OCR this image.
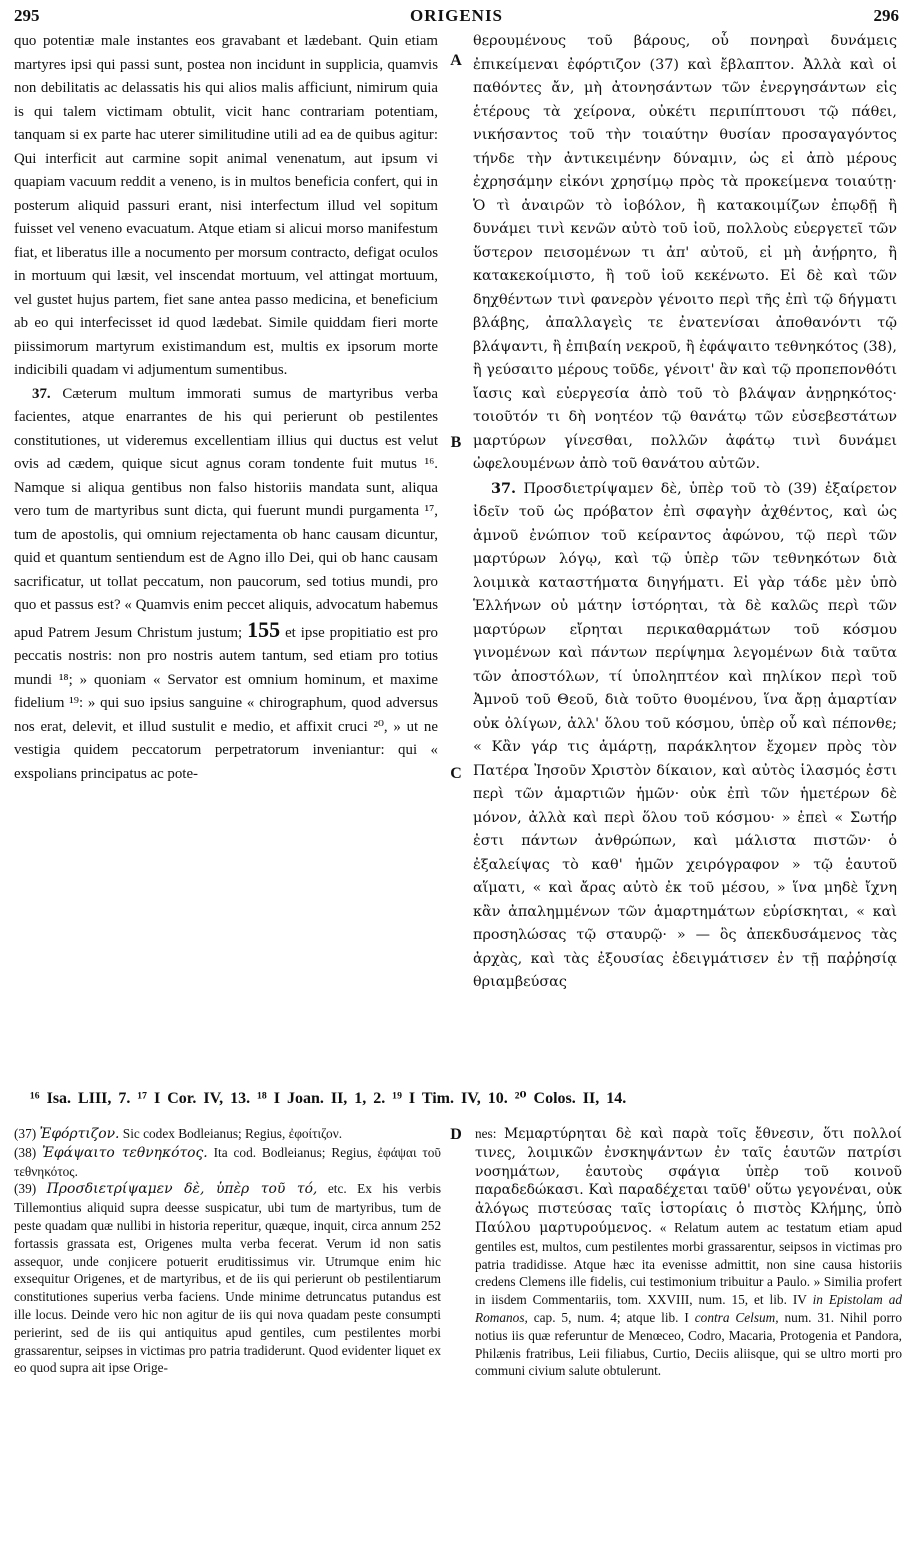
295	ORIGENIS	296

quo potentiæ male instantes eos gravabant et lædebant. Quin etiam martyres ipsi qui passi sunt, postea non incidunt in supplicia, quamvis non debilitatis ac delassatis his qui alios malis afficiunt, nimirum quia is qui talem victimam obtulit, vicit hanc contrariam potentiam, tanquam si ex parte hac uterer similitudine utili ad ea de quibus agitur: Qui interficit aut carmine sopit animal venenatum, aut ipsum vi quapiam vacuum reddit a veneno, is in multos beneficia confert, qui in posterum aliquid passuri erant, nisi interfectum illud vel sopitum fuisset vel veneno evacuatum. Atque etiam si alicui morso manifestum fiat, et liberatus ille a nocumento per morsum contracto, defigat oculos in mortuum qui læsit, vel inscendat mortuum, vel attingat mortuum, vel gustet hujus partem, fiet sane antea passo medicina, et beneficium ab eo qui interfecisset id quod lædebat. Simile quiddam fieri morte piissimorum martyrum existimandum est, multis ex ipsorum morte indicibili quadam vi adjumentum sumentibus.

37. Cæterum multum immorati sumus de martyribus verba facientes, atque enarrantes de his qui perierunt ob pestilentes constitutiones, ut videremus excellentiam illius qui ductus est velut ovis ad cædem, quique sicut agnus coram tondente fuit mutus ¹⁶. Namque si aliqua gentibus non falso historiis mandata sunt, aliqua vero tum de martyribus sunt dicta, qui fuerunt mundi purgamenta ¹⁷, tum de apostolis, qui omnium rejectamenta ob hanc causam dicuntur, quid et quantum sentiendum est de Agno illo Dei, qui ob hanc causam sacrificatur, ut tollat peccatum, non paucorum, sed totius mundi, pro quo et passus est? « Quamvis enim peccet aliquis, advocatum habemus apud Patrem Jesum Christum justum; 155 et ipse propitiatio est pro peccatis nostris: non pro nostris autem tantum, sed etiam pro totius mundi ¹⁸; » quoniam « Servator est omnium hominum, et maxime fidelium ¹⁹: » qui suo ipsius sanguine « chirographum, quod adversus nos erat, delevit, et illud sustulit e medio, et affixit cruci ²⁰, » ut ne vestigia quidem peccatorum perpetratorum inveniantur: qui « exspolians principatus ac pote-

A
B
C
D

θερουμένους τοῦ βάρους, οὗ πονηραὶ δυνάμεις ἐπικείμεναι ἐφόρτιζον (37) καὶ ἔβλαπτον. Ἀλλὰ καὶ οἱ παθόντες ἄν, μὴ ἀτονησάντων τῶν ἐνεργησάντων εἰς ἑτέρους τὰ χείρονα, οὐκέτι περιπίπτουσι τῷ πάθει, νικήσαντος τοῦ τὴν τοιαύτην θυσίαν προσαγαγόντος τήνδε τὴν ἀντικειμένην δύναμιν, ὡς εἰ ἀπὸ μέρους ἐχρησάμην εἰκόνι χρησίμῳ πρὸς τὰ προκείμενα τοιαύτῃ· Ὁ τὶ ἀναιρῶν τὸ ἰοβόλον, ἢ κατακοιμίζων ἐπῳδῇ ἢ δυνάμει τινὶ κενῶν αὐτὸ τοῦ ἰοῦ, πολλοὺς εὐεργετεῖ τῶν ὕστερον πεισομένων τι ἀπ' αὐτοῦ, εἰ μὴ ἀνῄρητο, ἢ κατακεκοίμιστο, ἢ τοῦ ἰοῦ κεκένωτο. Εἰ δὲ καὶ τῶν δηχθέντων τινὶ φανερὸν γένοιτο περὶ τῆς ἐπὶ τῷ δήγματι βλάβης, ἀπαλλαγεὶς τε ἐνατενίσαι ἀποθανόντι τῷ βλάψαντι, ἢ ἐπιβαίη νεκροῦ, ἢ ἐφάψαιτο τεθνηκότος (38), ἢ γεύσαιτο μέρους τοῦδε, γένοιτ' ἂν καὶ τῷ προπεπονθότι ἴασις καὶ εὐεργεσία ἀπὸ τοῦ τὸ βλάψαν ἀνῃρηκότος· τοιοῦτόν τι δὴ νοητέον τῷ θανάτῳ τῶν εὐσεβεστάτων μαρτύρων γίνεσθαι, πολλῶν ἀφάτῳ τινὶ δυνάμει ὠφελουμένων ἀπὸ τοῦ θανάτου αὐτῶν.

37. Προσδιετρίψαμεν δὲ, ὑπὲρ τοῦ τὸ (39) ἐξαίρετον ἰδεῖν τοῦ ὡς πρόβατον ἐπὶ σφαγὴν ἀχθέντος, καὶ ὡς ἀμνοῦ ἐνώπιον τοῦ κείραντος ἀφώνου, τῷ περὶ τῶν μαρτύρων λόγῳ, καὶ τῷ ὑπὲρ τῶν τεθνηκότων διὰ λοιμικὰ καταστήματα διηγήματι. Εἰ γὰρ τάδε μὲν ὑπὸ Ἑλλήνων οὐ μάτην ἱστόρηται, τὰ δὲ καλῶς περὶ τῶν μαρτύρων εἴρηται περικαθαρμάτων τοῦ κόσμου γινομένων καὶ πάντων περίψημα λεγομένων διὰ ταῦτα τῶν ἀποστόλων, τί ὑποληπτέον καὶ πηλίκον περὶ τοῦ Ἀμνοῦ τοῦ Θεοῦ, διὰ τοῦτο θυομένου, ἵνα ἄρῃ ἁμαρτίαν οὐκ ὀλίγων, ἀλλ' ὅλου τοῦ κόσμου, ὑπὲρ οὗ καὶ πέπονθε; « Κἂν γάρ τις ἁμάρτῃ, παράκλητον ἔχομεν πρὸς τὸν Πατέρα Ἰησοῦν Χριστὸν δίκαιον, καὶ αὐτὸς ἱλασμός ἐστι περὶ τῶν ἁμαρτιῶν ἡμῶν· οὐκ ἐπὶ τῶν ἡμετέρων δὲ μόνον, ἀλλὰ καὶ περὶ ὅλου τοῦ κόσμου· » ἐπεὶ « Σωτήρ ἐστι πάντων ἀνθρώπων, καὶ μάλιστα πιστῶν· ὁ ἐξαλείψας τὸ καθ' ἡμῶν χειρόγραφον » τῷ ἑαυτοῦ αἵματι, « καὶ ἄρας αὐτὸ ἐκ τοῦ μέσου, » ἵνα μηδὲ ἴχνη κἂν ἀπαλημμένων τῶν ἁμαρτημάτων εὑρίσκηται, « καὶ προσηλώσας τῷ σταυρῷ· » — ὃς ἀπεκδυσάμενος τὰς ἀρχὰς, καὶ τὰς ἐξουσίας ἐδειγμάτισεν ἐν τῇ παῤῥησίᾳ θριαμβεύσας

¹⁶ Isa. LIII, 7. ¹⁷ I Cor. IV, 13. ¹⁸ I Joan. II, 1, 2. ¹⁹ I Tim. IV, 10. ²⁰ Colos. II, 14.

(37) Ἐφόρτιζον. Sic codex Bodleianus; Regius, ἐφοίτιζον.

(38) Ἐφάψαιτο τεθνηκότος. Ita cod. Bodleianus; Regius, ἐφάψαι τοῦ τεθνηκότος.

(39) Προσδιετρίψαμεν δὲ, ὑπὲρ τοῦ τό, etc. Ex his verbis Tillemontius aliquid supra deesse suspicatur, ubi tum de martyribus, tum de peste quadam quæ nullibi in historia reperitur, quæque, inquit, circa annum 252 fortassis grassata est, Origenes multa verba fecerat. Verum id non satis assequor, unde conjicere potuerit eruditissimus vir. Utrumque enim hic exsequitur Origenes, et de martyribus, et de iis qui perierunt ob pestilentiarum constitutiones superius verba faciens. Unde minime detruncatus putandus est ille locus. Deinde vero hic non agitur de iis qui nova quadam peste consumpti perierint, sed de iis qui antiquitus apud gentiles, cum pestilentes morbi grassarentur, seipses in victimas pro patria tradiderunt. Quod evidenter liquet ex eo quod supra ait ipse Orige-

nes: Μεμαρτύρηται δὲ καὶ παρὰ τοῖς ἔθνεσιν, ὅτι πολλοί τινες, λοιμικῶν ἐνσκηψάντων ἐν ταῖς ἑαυτῶν πατρίσι νοσημάτων, ἑαυτοὺς σφάγια ὑπὲρ τοῦ κοινοῦ παραδεδώκασι. Καὶ παραδέχεται ταῦθ' οὕτω γεγονέναι, οὐκ ἀλόγως πιστεύσας ταῖς ἱστορίαις ὁ πιστὸς Κλήμης, ὑπὸ Παύλου μαρτυρούμενος. « Relatum autem ac testatum etiam apud gentiles est, multos, cum pestilentes morbi grassarentur, seipsos in victimas pro patria tradidisse. Atque hæc ita evenisse admittit, non sine causa historiis credens Clemens ille fidelis, cui testimonium tribuitur a Paulo. » Similia profert in iisdem Commentariis, tom. XXVIII, num. 15, et lib. IV in Epistolam ad Romanos, cap. 5, num. 4; atque lib. I contra Celsum, num. 31. Nihil porro notius iis quæ referuntur de Menœceo, Codro, Macaria, Protogenia et Pandora, Philænis fratribus, Leii filiabus, Curtio, Deciis aliisque, qui se ultro morti pro communi civium salute obtulerunt.
